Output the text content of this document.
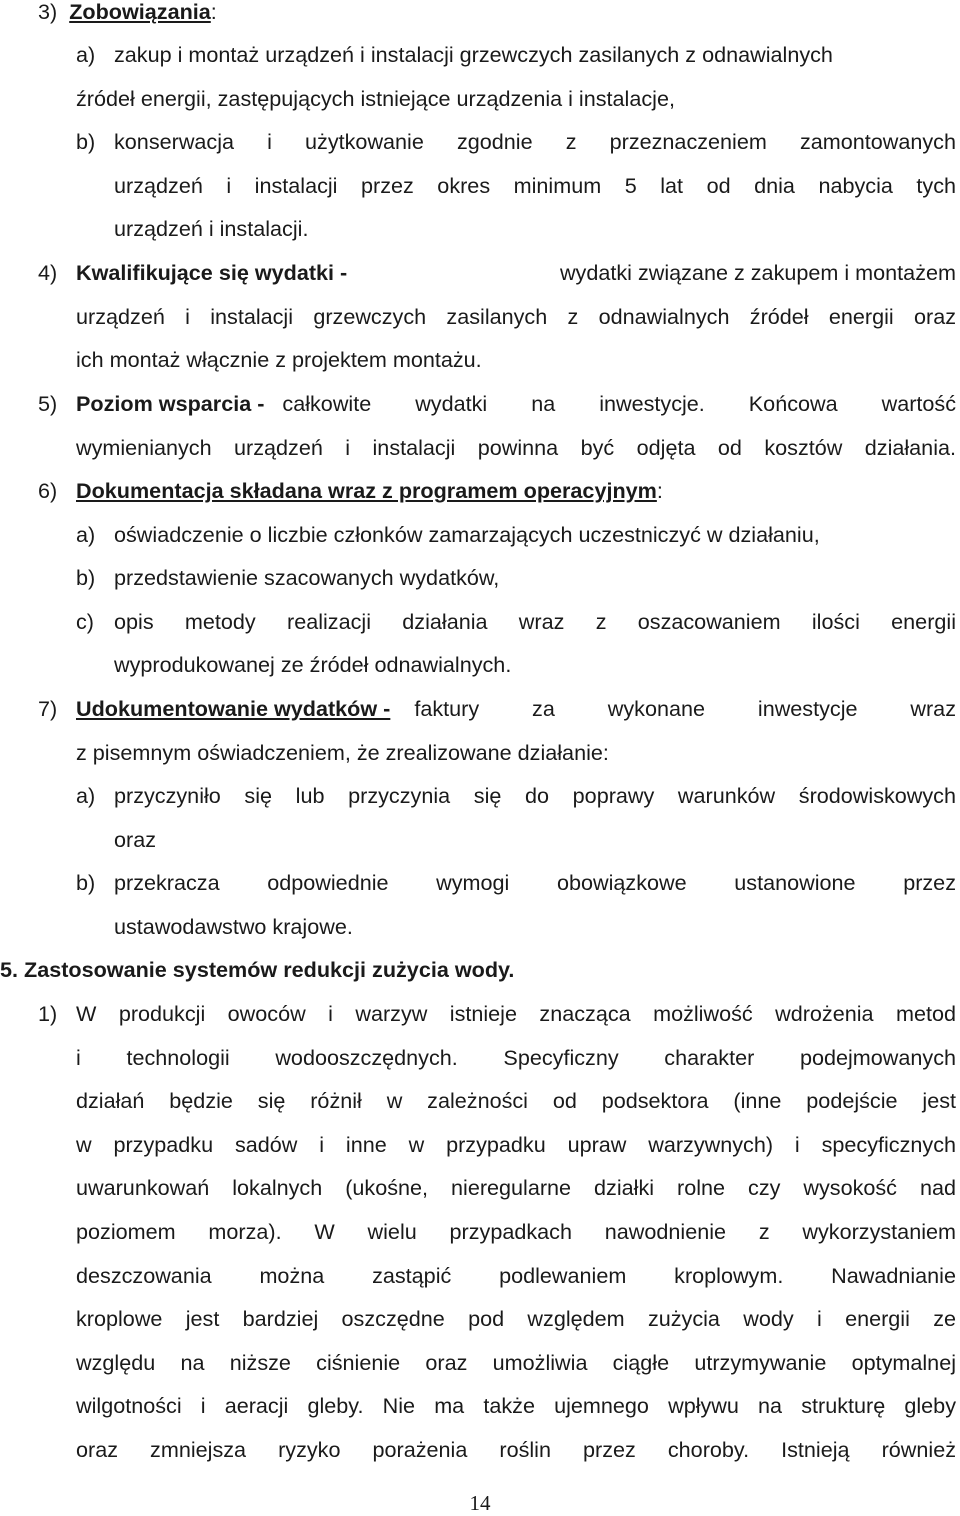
3) Zobowiązania:
a) zakup i montaż urządzeń i instalacji grzewczych zasilanych z odnawialnych
źródeł energii, zastępujących istniejące urządzenia i instalacje,
b) konserwacja i użytkowanie zgodnie z przeznaczeniem zamontowanych
urządzeń i instalacji przez okres minimum 5 lat od dnia nabycia tych
urządzeń i instalacji.
4) Kwalifikujące się wydatki -	wydatki związane z zakupem i montażem
urządzeń i instalacji grzewczych zasilanych z odnawialnych źródeł energii oraz
ich montaż włącznie z projektem montażu.
5) Poziom wsparcia - całkowite wydatki na inwestycje. Końcowa wartość
wymienianych urządzeń i instalacji powinna być odjęta od kosztów działania.
6) Dokumentacja składana wraz z programem operacyjnym:
a) oświadczenie o liczbie członków zamarzających uczestniczyć w działaniu,
b) przedstawienie szacowanych wydatków,
c) opis metody realizacji działania wraz z oszacowaniem ilości energii
wyprodukowanej ze źródeł odnawialnych.
7) Udokumentowanie wydatków - faktury za wykonane inwestycje wraz
z pisemnym oświadczeniem, że zrealizowane działanie:
a) przyczyniło się lub przyczynia się do poprawy warunków środowiskowych
oraz
b) przekracza odpowiednie wymogi obowiązkowe ustanowione przez
ustawodawstwo krajowe.
5. Zastosowanie systemów redukcji zużycia wody.
1) W produkcji owoców i warzyw istnieje znacząca możliwość wdrożenia metod
i technologii wodooszczędnych. Specyficzny charakter podejmowanych
działań będzie się różnił w zależności od podsektora (inne podejście jest
w przypadku sadów i inne w przypadku upraw warzywnych) i specyficznych
uwarunkowań lokalnych (ukośne, nieregularne działki rolne czy wysokość nad
poziomem morza). W wielu przypadkach nawodnienie z wykorzystaniem
deszczowania można zastąpić podlewaniem kroplowym. Nawadnianie
kroplowe jest bardziej oszczędne pod względem zużycia wody i energii ze
względu na niższe ciśnienie oraz umożliwia ciągłe utrzymywanie optymalnej
wilgotności i aeracji gleby. Nie ma także ujemnego wpływu na strukturę gleby
oraz zmniejsza ryzyko porażenia roślin przez choroby. Istnieją również
14
